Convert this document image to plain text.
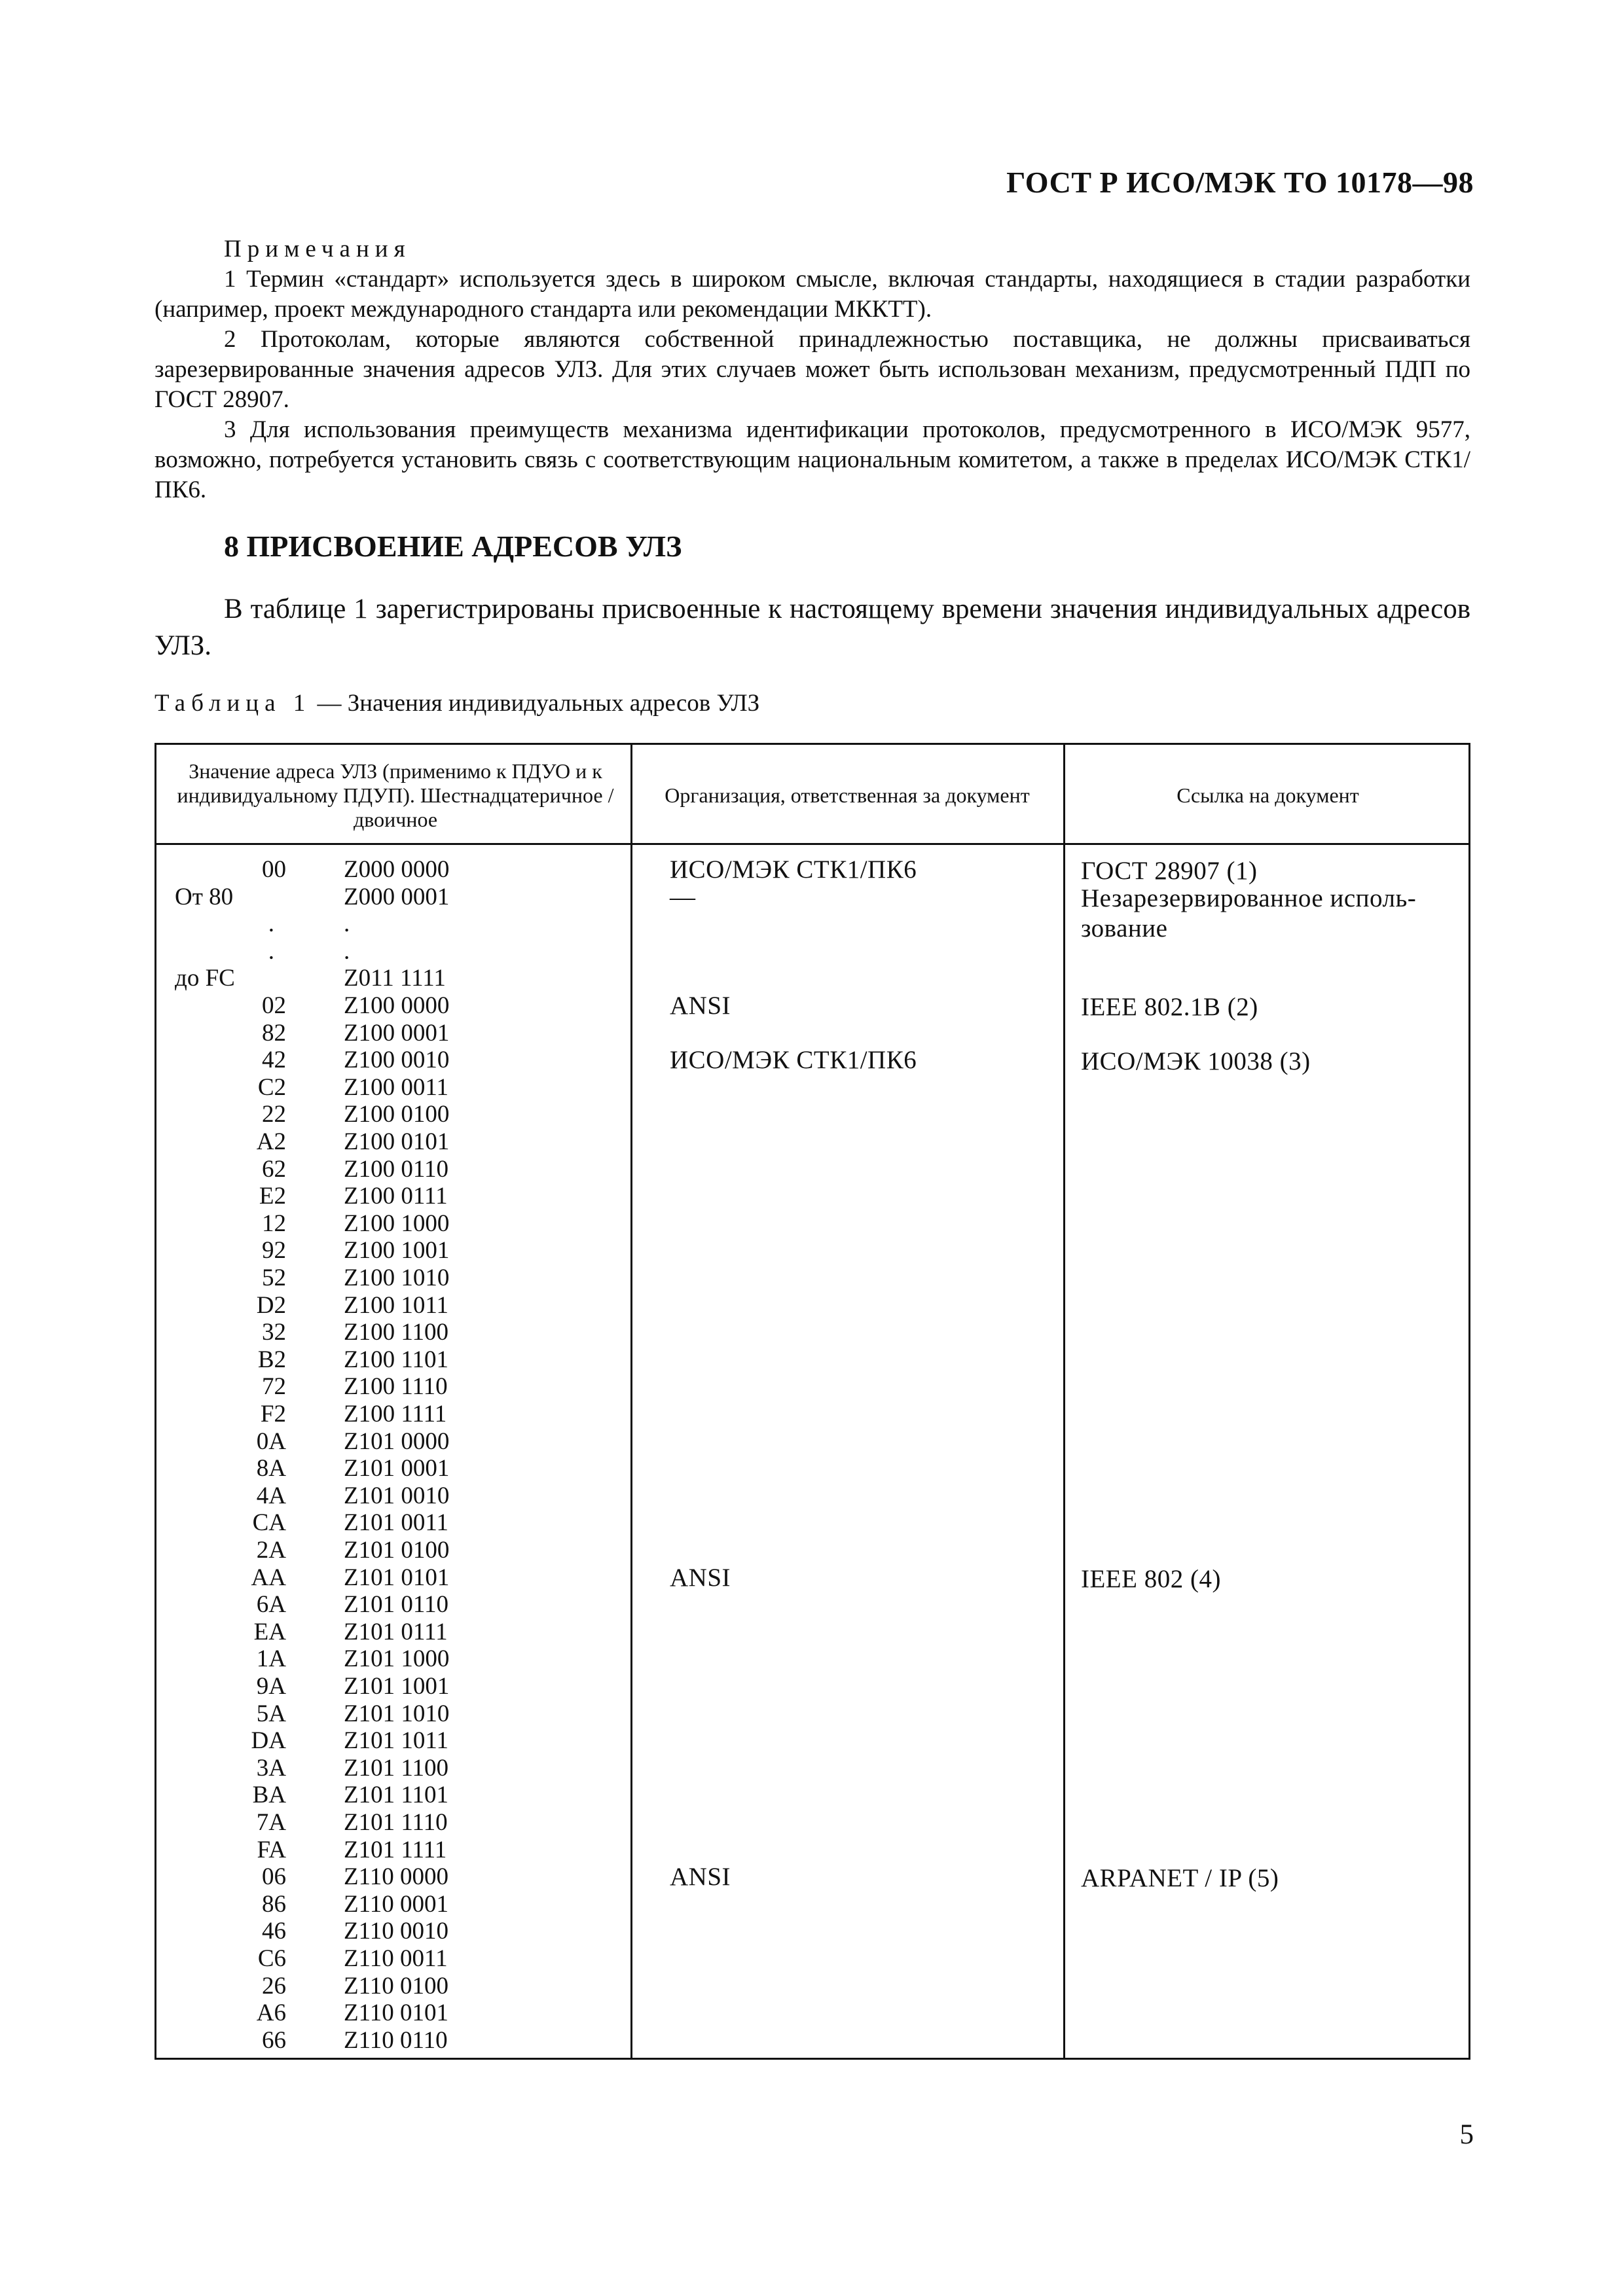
ГОСТ Р ИСО/МЭК ТО 10178—98
Примечания

1 Термин «стандарт» используется здесь в широком смысле, включая стандарты, находящиеся в стадии разработки (например, проект международного стандарта или рекомендации МККТТ).

2 Протоколам, которые являются собственной принадлежностью поставщика, не должны присваиваться зарезервированные значения адресов УЛЗ. Для этих случаев может быть использован механизм, предусмотренный ПДП по ГОСТ 28907.

3 Для использования преимуществ механизма идентификации протоколов, предусмотренного в ИСО/МЭК 9577, возможно, потребуется установить связь с соответствующим национальным комитетом, а также в пределах ИСО/МЭК СТК1/ПК6.

8 ПРИСВОЕНИЕ АДРЕСОВ УЛЗ

В таблице 1 зарегистрированы присвоенные к настоящему времени значения индивидуальных адресов УЛЗ.

Таблица 1 — Значения индивидуальных адресов УЛЗ
Значение адреса УЛЗ (применимо к ПДУО и к индивидуальному ПДУП). Шестнадцатеричное / двоичное
Организация, ответственная за документ	Ссылка на документ
00 Z000 0000	ИСО/МЭК СТК1/ПК6	ГОСТ 28907 (1)
От 80	Z000 0001	—	Незарезервированное использование
.	.
.	.
до FC	Z011 1111
02 Z100 0000	ANSI	IEEE 802.1B (2)
82 Z100 0001
42 Z100 0010	ИСО/МЭК СТК1/ПК6	ИСО/МЭК 10038 (3)
C2 Z100 0011
22 Z100 0100
A2 Z100 0101
62 Z100 0110
E2 Z100 0111
12 Z100 1000
92 Z100 1001
52 Z100 1010
D2 Z100 1011
32 Z100 1100
B2 Z100 1101
72 Z100 1110
F2 Z100 1111
0A Z101 0000
8A Z101 0001
4A Z101 0010
CA Z101 0011
2A Z101 0100
AA Z101 0101	ANSI	IEEE 802 (4)
6A Z101 0110
EA Z101 0111
1A Z101 1000
9A Z101 1001
5A Z101 1010
DA Z101 1011
3A Z101 1100
BA Z101 1101
7A Z101 1110
FA Z101 1111
06 Z110 0000	ANSI	ARPANET / IP (5)
86 Z110 0001
46 Z110 0010
C6 Z110 0011
26 Z110 0100
A6 Z110 0101
66 Z110 0110
5
